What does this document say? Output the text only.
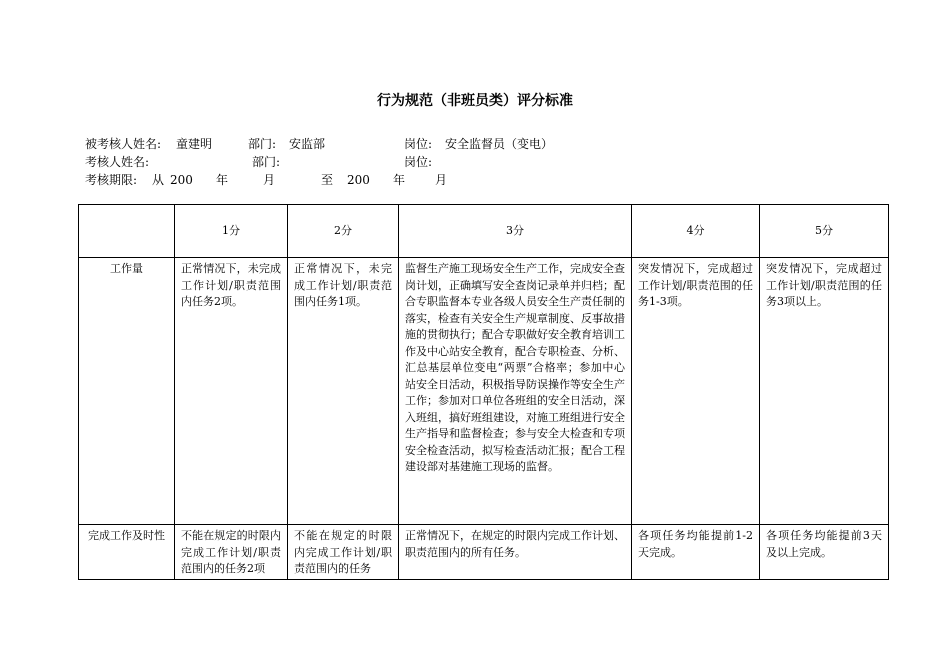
行为规范（非班员类）评分标准
被考核人姓名: 童建明	部门: 安监部	岗位: 安全监督员（变电）
考核人姓名:	部门:	岗位:
考核期限: 从 200 年	月	至 200 年 月
	1分	2分	3分	4分	5分
工作量	正常情况下，未完成工作计划/职责范围内任务2项。	正常情况下，未完成工作计划/职责范围内任务1项。	监督生产施工现场安全生产工作，完成安全查岗计划，正确填写安全查岗记录单并归档；配合专职监督本专业各级人员安全生产责任制的落实，检查有关安全生产规章制度、反事故措施的贯彻执行；配合专职做好安全教育培训工作及中心站安全教育，配合专职检查、分析、汇总基层单位变电“两票”合格率；参加中心站安全日活动，积极指导防误操作等安全生产工作；参加对口单位各班组的安全日活动，深入班组，搞好班组建设，对施工班组进行安全生产指导和监督检查；参与安全大检查和专项安全检查活动，拟写检查活动汇报；配合工程建设部对基建施工现场的监督。	突发情况下，完成超过工作计划/职责范围的任务1-3项。	突发情况下，完成超过工作计划/职责范围的任务3项以上。
完成工作及时性	不能在规定的时限内完成工作计划/职责范围内的任务2项	不能在规定的时限内完成工作计划/职责范围内的任务	正常情况下，在规定的时限内完成工作计划、职责范围内的所有任务。	各项任务均能提前1-2天完成。	各项任务均能提前3天及以上完成。
